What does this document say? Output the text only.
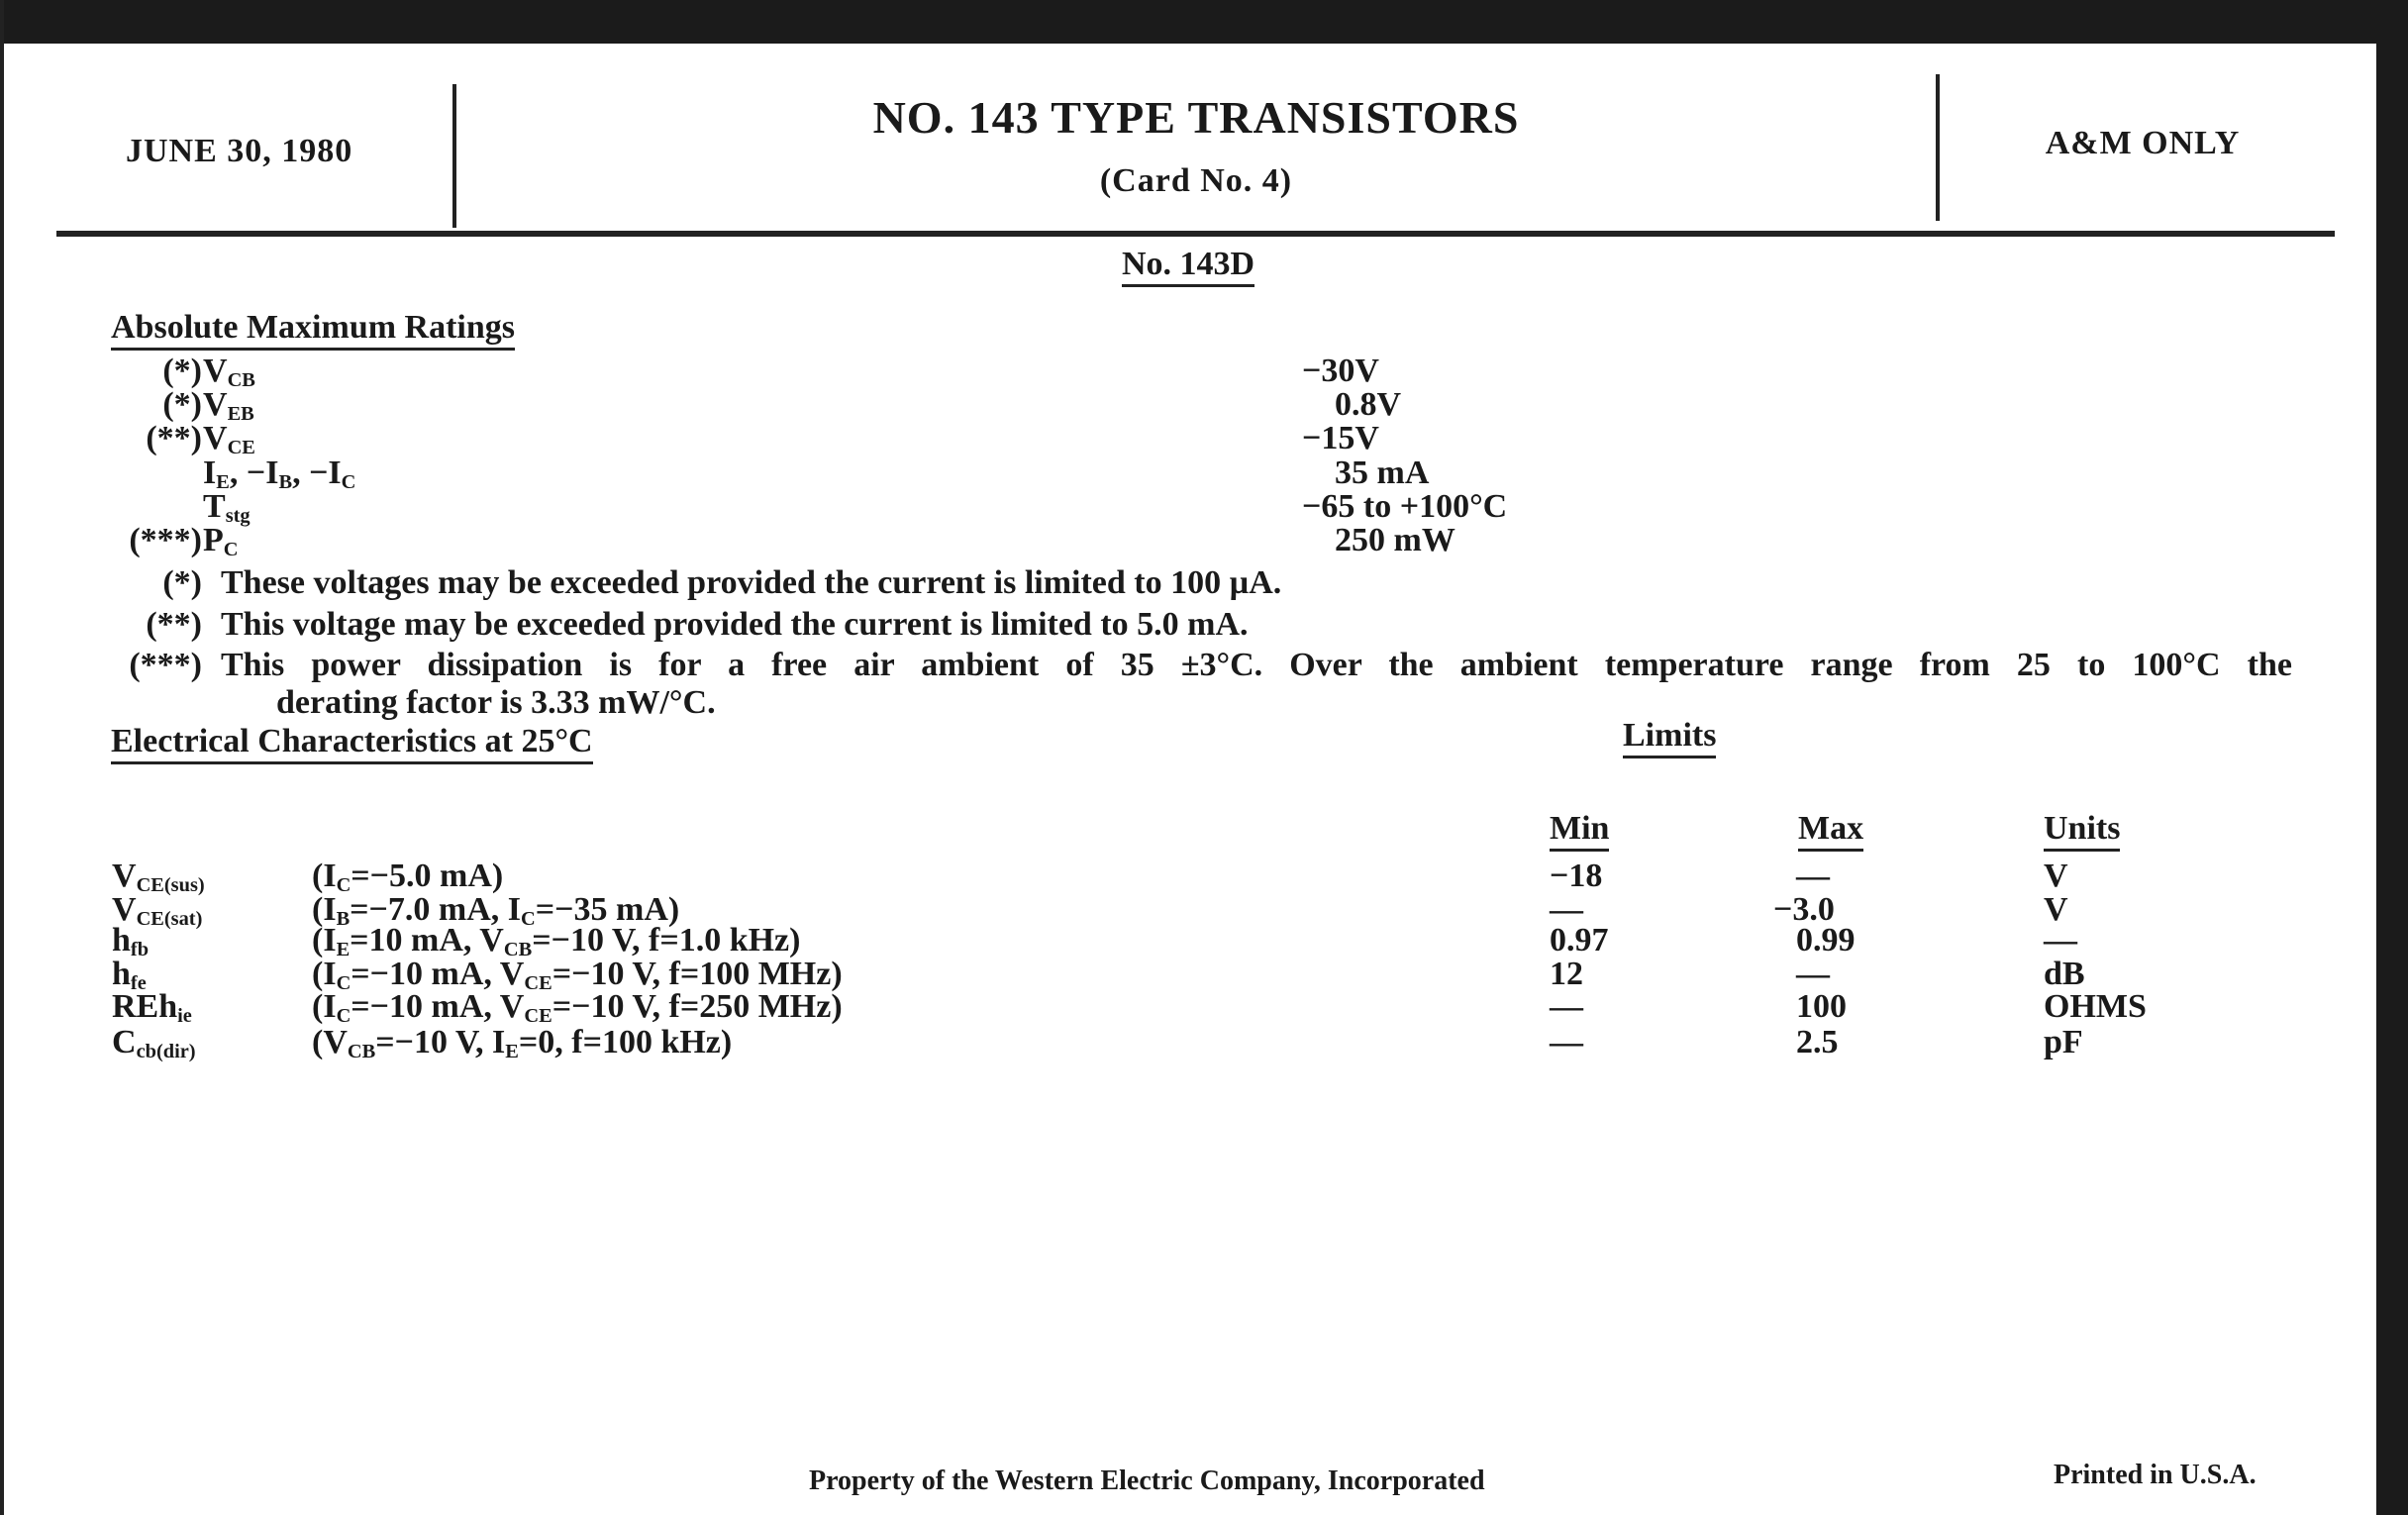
JUNE 30, 1980
NO. 143 TYPE TRANSISTORS
(Card No. 4)
A&M ONLY
No. 143D
Absolute Maximum Ratings
(*) $V_{CB}$	−30V
(*) $V_{EB}$	0.8V
(**) $V_{CE}$	−15V
$I_E$, $-I_B$, $-I_C$	35 mA
$T_{stg}$	−65 to +100°C
(***) $P_C$	250 mW
(*) These voltages may be exceeded provided the current is limited to 100 µA.
(**) This voltage may be exceeded provided the current is limited to 5.0 mA.
(***) This power dissipation is for a free air ambient of 35 ±3°C. Over the ambient temperature range from 25 to 100°C the
derating factor is 3.33 mW/°C.
Electrical Characteristics at 25°C	Limits
Min	Max	Units
$V_{CE(sus)}$	($I_C=-5.0$ mA)	−18	—	V
$V_{CE(sat)}$	($I_B=-7.0$ mA, $I_C=-35$ mA)	—	−3.0	V
$h_{fb}$	($I_E=10$ mA, $V_{CB}=-10$ V, f=1.0 kHz)	0.97	0.99	—
$h_{fe}$	($I_C=-10$ mA, $V_{CE}=-10$ V, f=100 MHz)	12	—	dB
REh$_{ie}$	($I_C=-10$ mA, $V_{CE}=-10$ V, f=250 MHz)	—	100	OHMS
$C_{cb(dir)}$	($V_{CB}=-10$ V, $I_E=0$, f=100 kHz)	—	2.5	pF
Property of the Western Electric Company, Incorporated	Printed in U.S.A.
